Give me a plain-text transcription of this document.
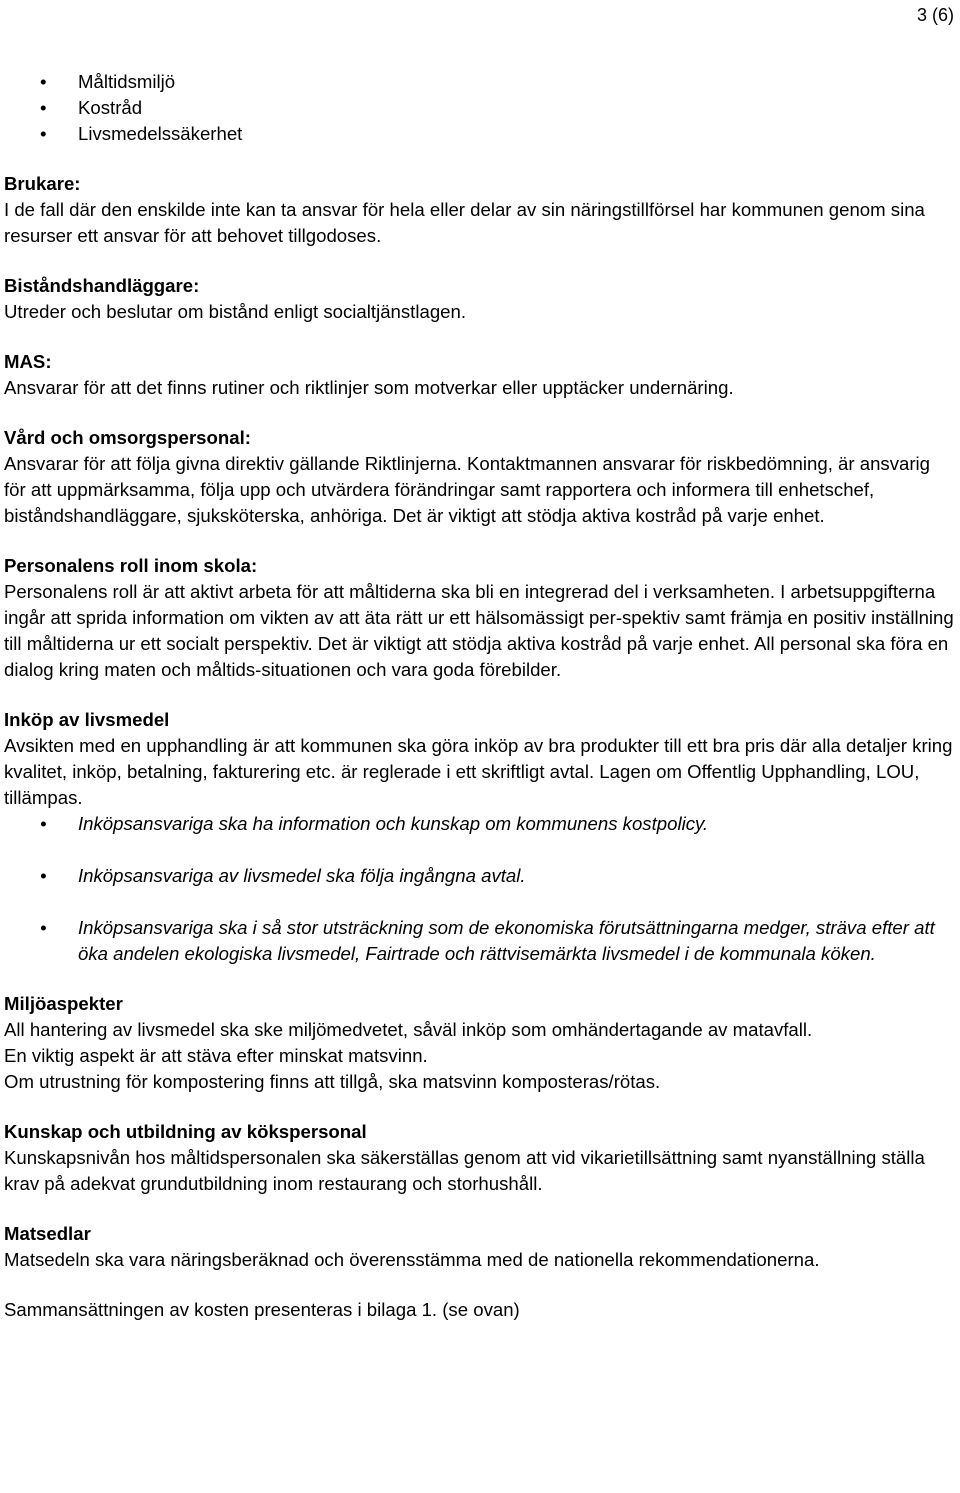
3 (6)
• Måltidsmiljö
• Kostråd
• Livsmedelssäkerhet

Brukare:

I de fall där den enskilde inte kan ta ansvar för hela eller delar av sin näringstillförsel har kommunen genom sina resurser ett ansvar för att behovet tillgodoses.

Biståndshandläggare:

Utreder och beslutar om bistånd enligt socialtjänstlagen.

MAS:

Ansvarar för att det finns rutiner och riktlinjer som motverkar eller upptäcker undernäring.

Vård och omsorgspersonal:

Ansvarar för att följa givna direktiv gällande Riktlinjerna. Kontaktmannen ansvarar för riskbedömning, är ansvarig för att uppmärksamma, följa upp och utvärdera förändringar samt rapportera och informera till enhetschef, biståndshandläggare, sjuksköterska, anhöriga. Det är viktigt att stödja aktiva kostråd på varje enhet.

Personalens roll inom skola:

Personalens roll är att aktivt arbeta för att måltiderna ska bli en integrerad del i verksamheten. I arbetsuppgifterna ingår att sprida information om vikten av att äta rätt ur ett hälsomässigt per-spektiv samt främja en positiv inställning till måltiderna ur ett socialt perspektiv. Det är viktigt att stödja aktiva kostråd på varje enhet. All personal ska föra en dialog kring maten och måltids-situationen och vara goda förebilder.

Inköp av livsmedel

Avsikten med en upphandling är att kommunen ska göra inköp av bra produkter till ett bra pris där alla detaljer kring kvalitet, inköp, betalning, fakturering etc. är reglerade i ett skriftligt avtal. Lagen om Offentlig Upphandling, LOU, tillämpas.

• Inköpsansvariga ska ha information och kunskap om kommunens kostpolicy.
• Inköpsansvariga av livsmedel ska följa ingångna avtal.
• Inköpsansvariga ska i så stor utsträckning som de ekonomiska förutsättningarna medger, sträva efter att öka andelen ekologiska livsmedel, Fairtrade och rättvisemärkta livsmedel i de kommunala köken.

Miljöaspekter

All hantering av livsmedel ska ske miljömedvetet, såväl inköp som omhändertagande av matavfall.

En viktig aspekt är att stäva efter minskat matsvinn.

Om utrustning för kompostering finns att tillgå, ska matsvinn komposteras/rötas.

Kunskap och utbildning av kökspersonal

Kunskapsnivån hos måltidspersonalen ska säkerställas genom att vid vikarietillsättning samt nyanställning ställa krav på adekvat grundutbildning inom restaurang och storhushåll.

Matsedlar

Matsedeln ska vara näringsberäknad och överensstämma med de nationella rekommendationerna.

Sammansättningen av kosten presenteras i bilaga 1. (se ovan)
